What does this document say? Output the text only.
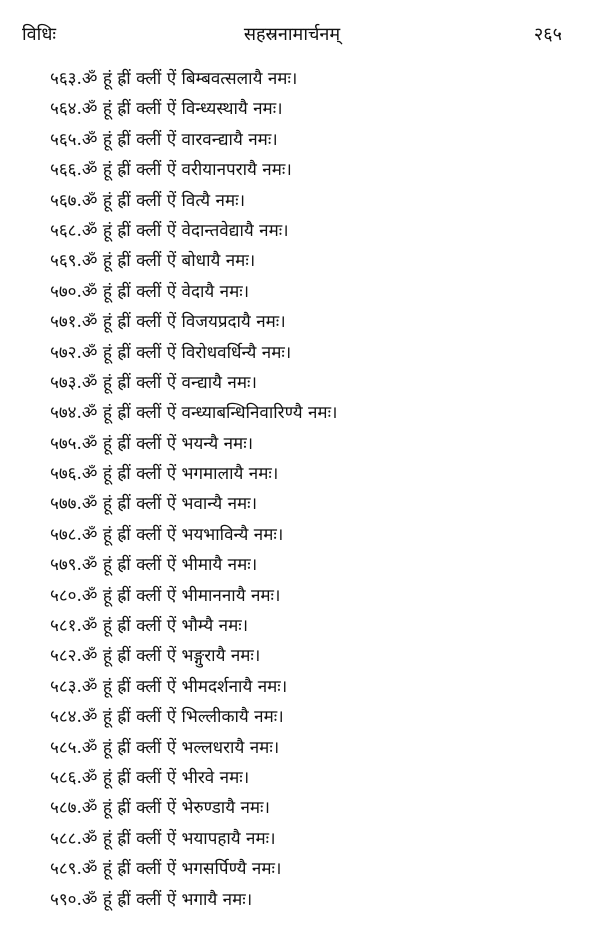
विधिः	सहस्रनामार्चनम्	२६५
५६३.ॐ हूं ह्रीं क्लीं ऐं बिम्बवत्सलायै नमः।
५६४.ॐ हूं ह्रीं क्लीं ऐं विन्ध्यस्थायै नमः।
५६५.ॐ हूं ह्रीं क्लीं ऐं वारवन्द्यायै नमः।
५६६.ॐ हूं ह्रीं क्लीं ऐं वरीयानपरायै नमः।
५६७.ॐ हूं ह्रीं क्लीं ऐं वित्यै नमः।
५६८.ॐ हूं ह्रीं क्लीं ऐं वेदान्तवेद्यायै नमः।
५६९.ॐ हूं ह्रीं क्लीं ऐं बोधायै नमः।
५७०.ॐ हूं ह्रीं क्लीं ऐं वेदायै नमः।
५७१.ॐ हूं ह्रीं क्लीं ऐं विजयप्रदायै नमः।
५७२.ॐ हूं ह्रीं क्लीं ऐं विरोधवर्धिन्यै नमः।
५७३.ॐ हूं ह्रीं क्लीं ऐं वन्द्यायै नमः।
५७४.ॐ हूं ह्रीं क्लीं ऐं वन्ध्याबन्धिनिवारिण्यै नमः।
५७५.ॐ हूं ह्रीं क्लीं ऐं भयन्यै नमः।
५७६.ॐ हूं ह्रीं क्लीं ऐं भगमालायै नमः।
५७७.ॐ हूं ह्रीं क्लीं ऐं भवान्यै नमः।
५७८.ॐ हूं ह्रीं क्लीं ऐं भयभाविन्यै नमः।
५७९.ॐ हूं ह्रीं क्लीं ऐं भीमायै नमः।
५८०.ॐ हूं ह्रीं क्लीं ऐं भीमाननायै नमः।
५८१.ॐ हूं ह्रीं क्लीं ऐं भौम्यै नमः।
५८२.ॐ हूं ह्रीं क्लीं ऐं भङ्गुरायै नमः।
५८३.ॐ हूं ह्रीं क्लीं ऐं भीमदर्शनायै नमः।
५८४.ॐ हूं ह्रीं क्लीं ऐं भिल्लीकायै नमः।
५८५.ॐ हूं ह्रीं क्लीं ऐं भल्लधरायै नमः।
५८६.ॐ हूं ह्रीं क्लीं ऐं भीरवे नमः।
५८७.ॐ हूं ह्रीं क्लीं ऐं भेरुण्डायै नमः।
५८८.ॐ हूं ह्रीं क्लीं ऐं भयापहायै नमः।
५८९.ॐ हूं ह्रीं क्लीं ऐं भगसर्पिण्यै नमः।
५९०.ॐ हूं ह्रीं क्लीं ऐं भगायै नमः।
